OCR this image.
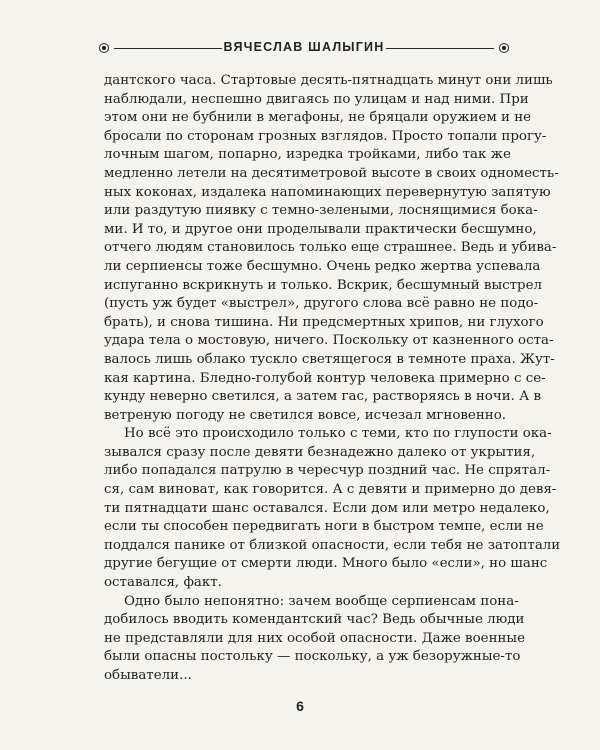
ВЯЧЕСЛАВ ШАЛЫГИН
дантского часа. Стартовые десять-пятнадцать минут они лишь
наблюдали, неспешно двигаясь по улицам и над ними. При
этом они не бубнили в мегафоны, не бряцали оружием и не
бросали по сторонам грозных взглядов. Просто топали прогу-
лочным шагом, попарно, изредка тройками, либо так же
медленно летели на десятиметровой высоте в своих одноместь-
ных коконах, издалека напоминающих перевернутую запятую
или раздутую пиявку с темно-зелеными, лоснящимися бока-
ми. И то, и другое они проделывали практически бесшумно,
отчего людям становилось только еще страшнее. Ведь и убива-
ли серпиенсы тоже бесшумно. Очень редко жертва успевала
испуганно вскрикнуть и только. Вскрик, бесшумный выстрел
(пусть уж будет «выстрел», другого слова всё равно не подо-
брать), и снова тишина. Ни предсмертных хрипов, ни глухого
удара тела о мостовую, ничего. Поскольку от казненного оста-
валось лишь облако тускло светящегося в темноте праха. Жут-
кая картина. Бледно-голубой контур человека примерно с се-
кунду неверно светился, а затем гас, растворяясь в ночи. А в
ветреную погоду не светился вовсе, исчезал мгновенно.
Но всё это происходило только с теми, кто по глупости ока-
зывался сразу после девяти безнадежно далеко от укрытия,
либо попадался патрулю в чересчур поздний час. Не спрятал-
ся, сам виноват, как говорится. А с девяти и примерно до девя-
ти пятнадцати шанс оставался. Если дом или метро недалеко,
если ты способен передвигать ноги в быстром темпе, если не
поддался панике от близкой опасности, если тебя не затоптали
другие бегущие от смерти люди. Много было «если», но шанс
оставался, факт.
Одно было непонятно: зачем вообще серпиенсам пона-
добилось вводить комендантский час? Ведь обычные люди
не представляли для них особой опасности. Даже военные
были опасны постольку — поскольку, а уж безоружные-то
обыватели...
6
